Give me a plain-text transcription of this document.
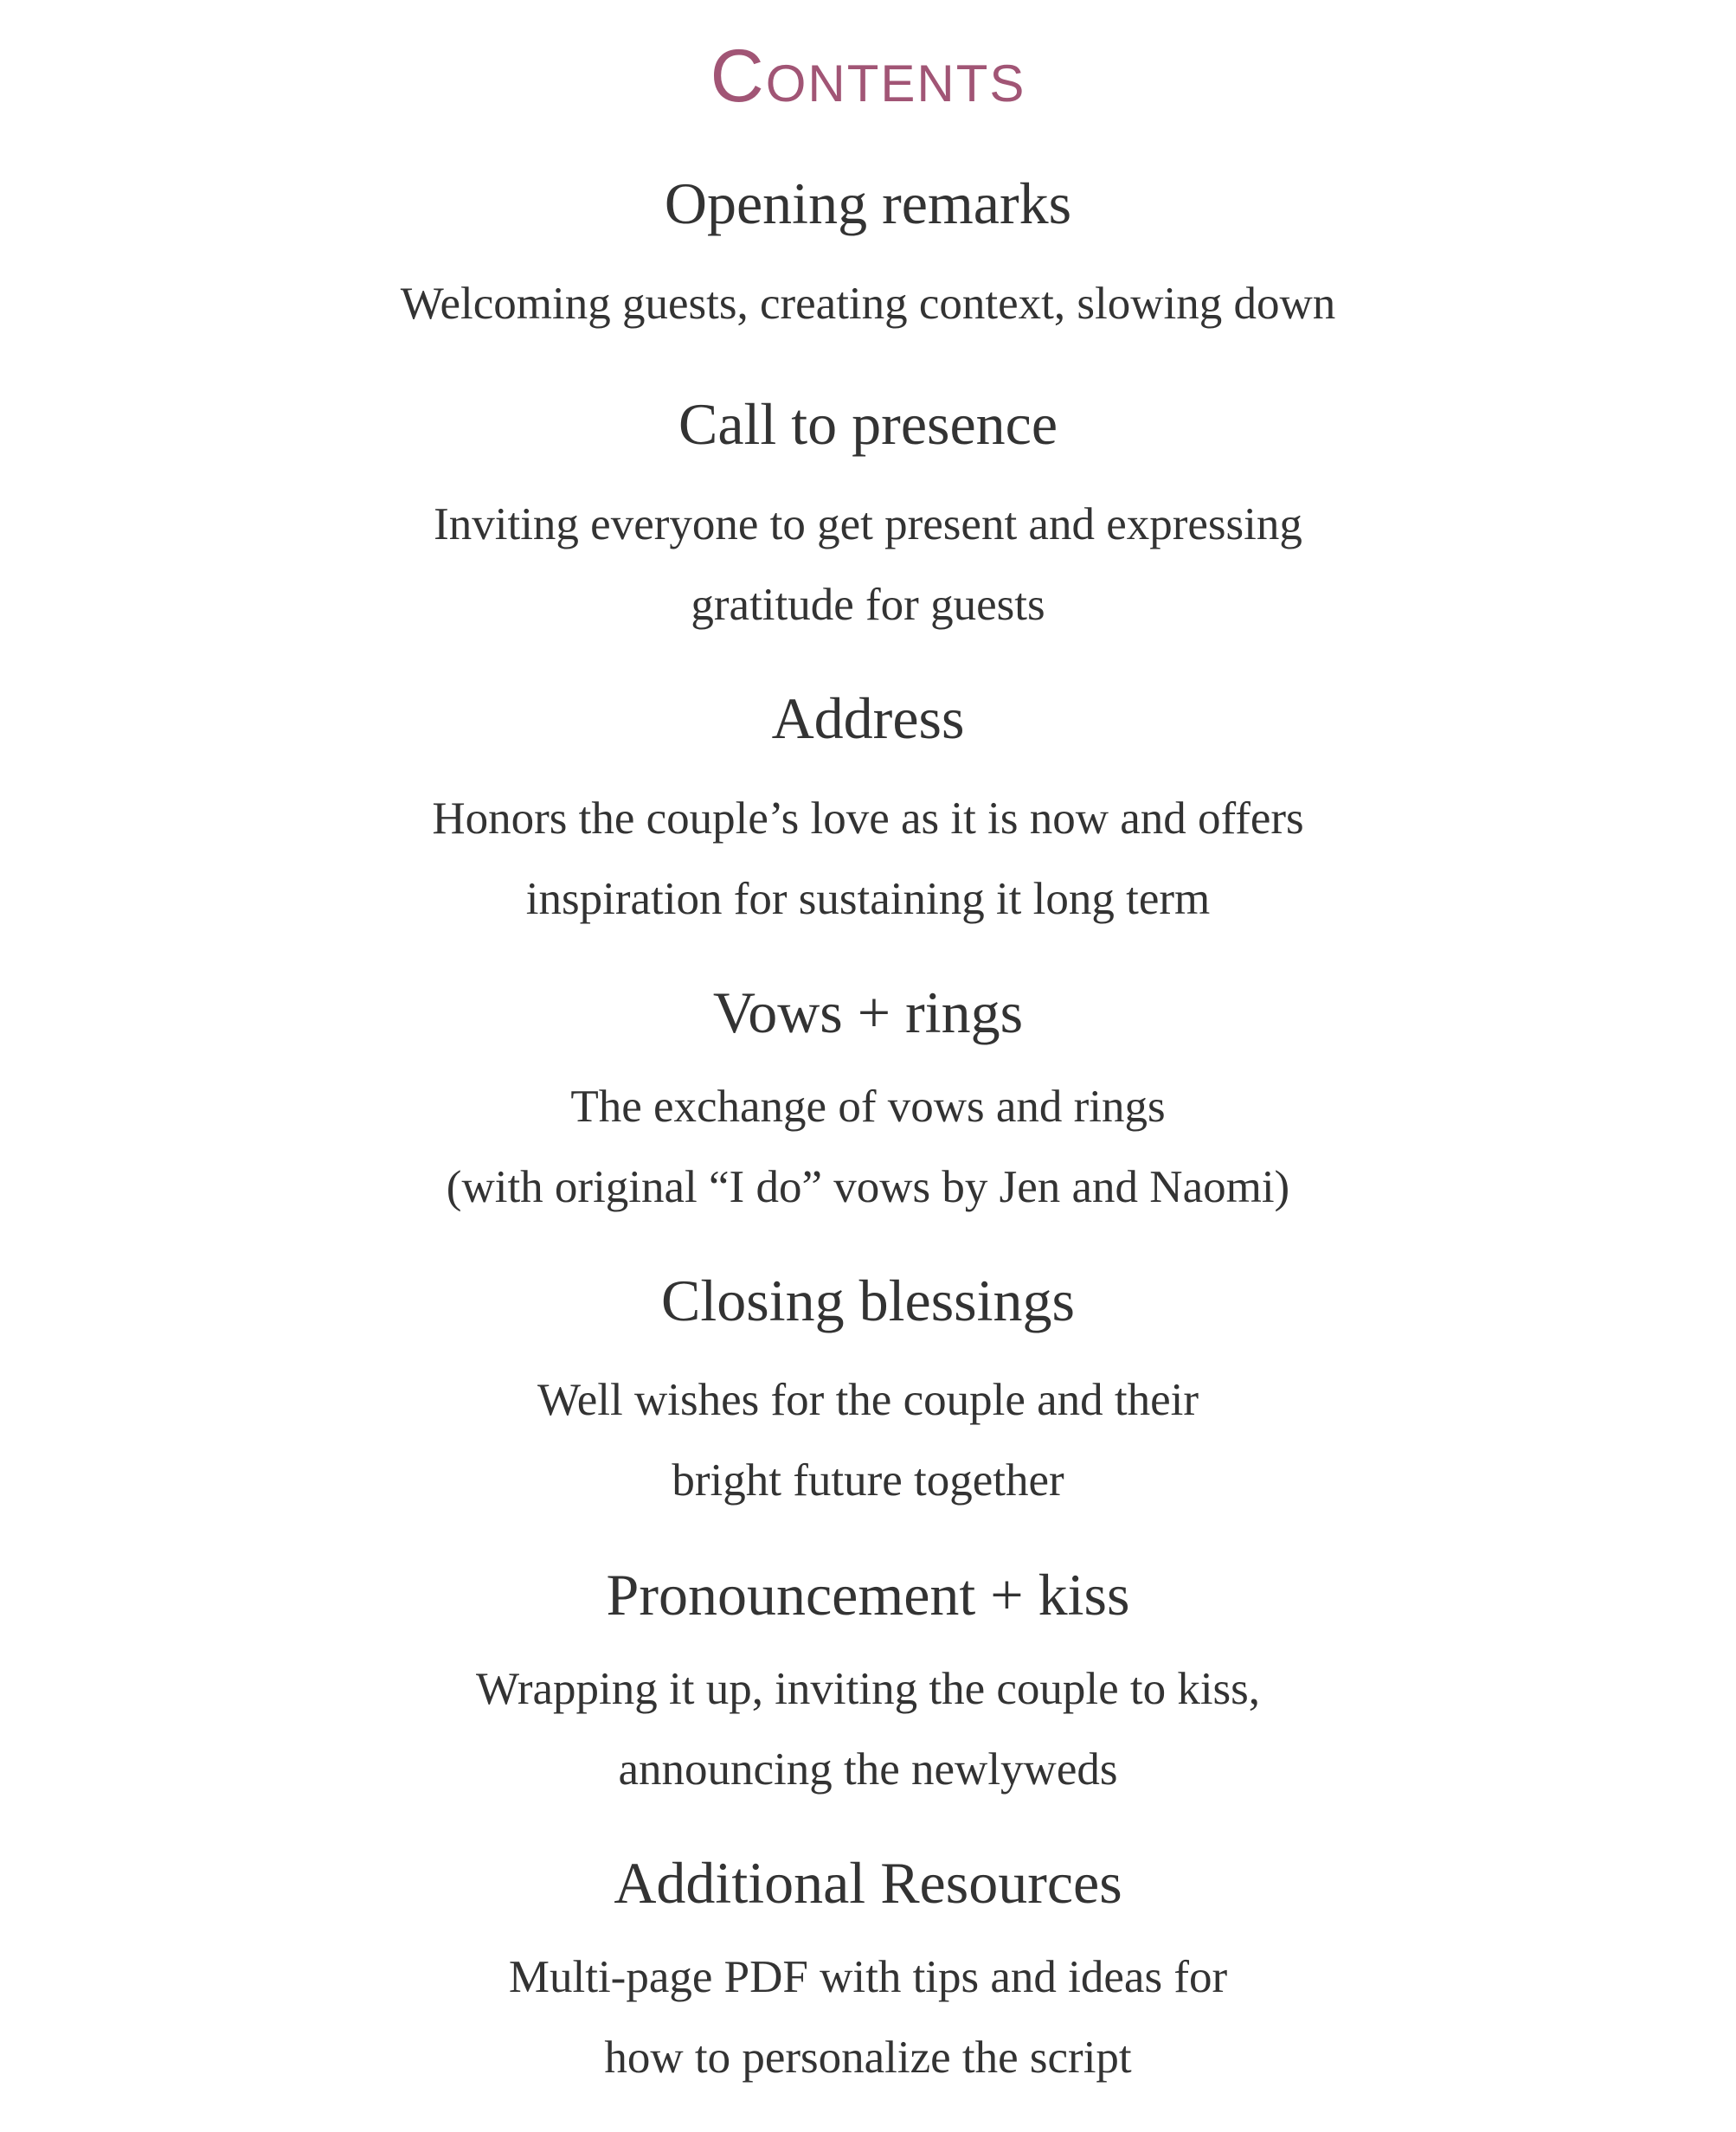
Contents
Opening remarks
Welcoming guests, creating context, slowing down
Call to presence
Inviting everyone to get present and expressing
gratitude for guests
Address
Honors the couple’s love as it is now and offers
inspiration for sustaining it long term
Vows + rings
The exchange of vows and rings
(with original “I do” vows by Jen and Naomi)
Closing blessings
Well wishes for the couple and their
bright future together
Pronouncement + kiss
Wrapping it up, inviting the couple to kiss,
announcing the newlyweds
Additional Resources
Multi-page PDF with tips and ideas for
how to personalize the script
